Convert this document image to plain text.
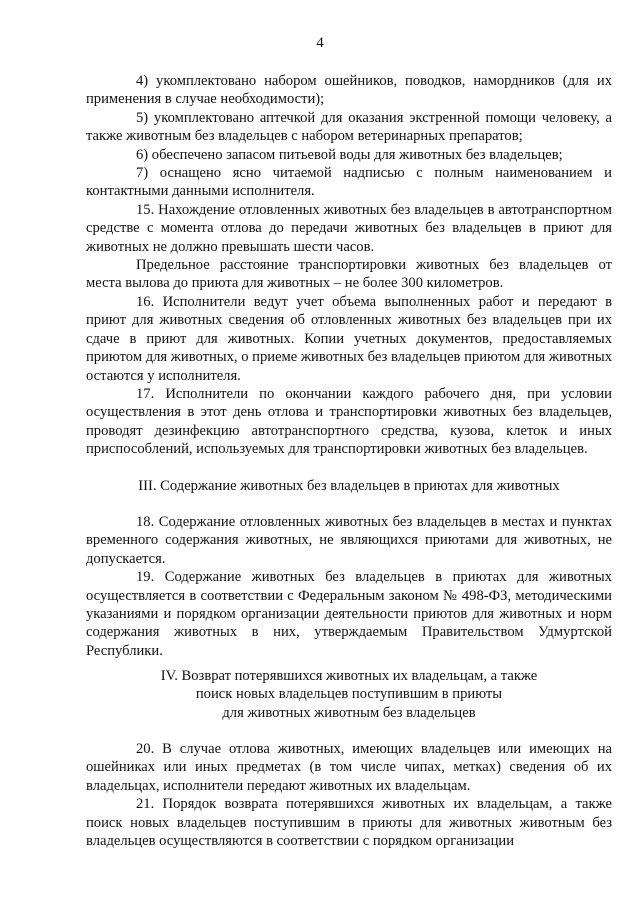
4

4) укомплектовано набором ошейников, поводков, намордников (для их применения в случае необходимости);

5) укомплектовано аптечкой для оказания экстренной помощи человеку, а также животным без владельцев с набором ветеринарных препаратов;

6) обеспечено запасом питьевой воды для животных без владельцев;

7) оснащено ясно читаемой надписью с полным наименованием и контактными данными исполнителя.

15. Нахождение отловленных животных без владельцев в автотранспортном средстве с момента отлова до передачи животных без владельцев в приют для животных не должно превышать шести часов.

Предельное расстояние транспортировки животных без владельцев от места вылова до приюта для животных – не более 300 километров.

16. Исполнители ведут учет объема выполненных работ и передают в приют для животных сведения об отловленных животных без владельцев при их сдаче в приют для животных. Копии учетных документов, предоставляемых приютом для животных, о приеме животных без владельцев приютом для животных остаются у исполнителя.

17. Исполнители по окончании каждого рабочего дня, при условии осуществления в этот день отлова и транспортировки животных без владельцев, проводят дезинфекцию автотранспортного средства, кузова, клеток и иных приспособлений, используемых для транспортировки животных без владельцев.

III. Содержание животных без владельцев в приютах для животных

18. Содержание отловленных животных без владельцев в местах и пунктах временного содержания животных, не являющихся приютами для животных, не допускается.

19. Содержание животных без владельцев в приютах для животных осуществляется в соответствии с Федеральным законом № 498-ФЗ, методическими указаниями и порядком организации деятельности приютов для животных и норм содержания животных в них, утверждаемым Правительством Удмуртской Республики.

IV. Возврат потерявшихся животных их владельцам, а также
поиск новых владельцев поступившим в приюты
для животных животным без владельцев

20. В случае отлова животных, имеющих владельцев или имеющих на ошейниках или иных предметах (в том числе чипах, метках) сведения об их владельцах, исполнители передают животных их владельцам.

21. Порядок возврата потерявшихся животных их владельцам, а также поиск новых владельцев поступившим в приюты для животных животным без владельцев осуществляются в соответствии с порядком организации
